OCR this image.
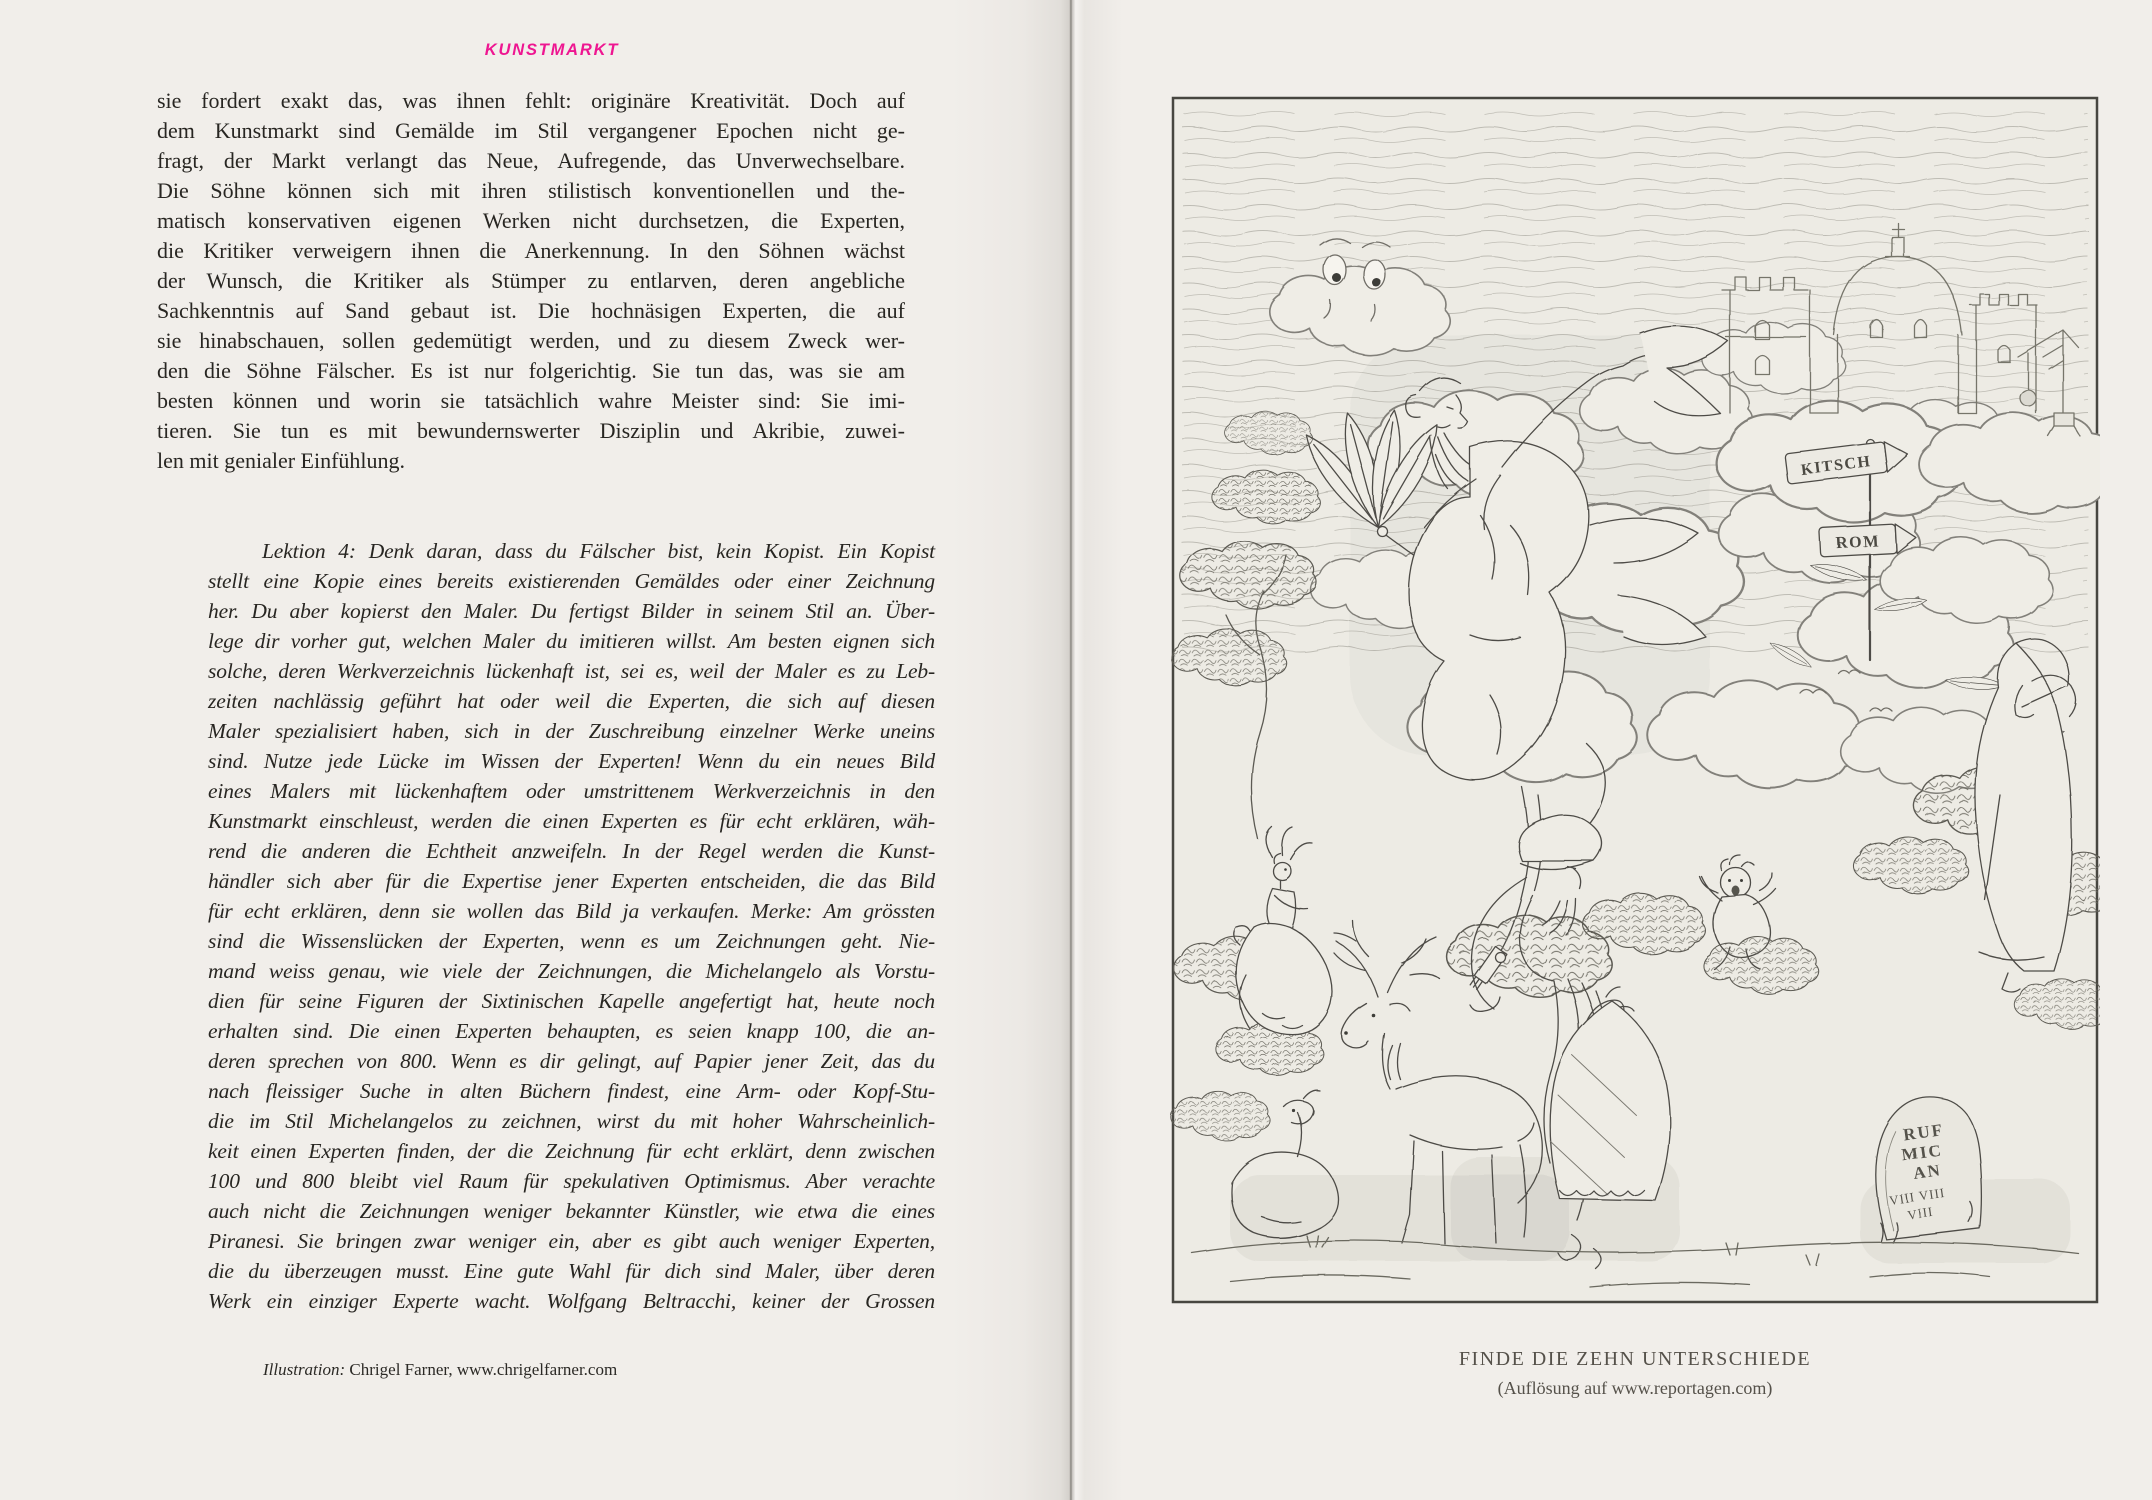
KUNSTMARKT
sie fordert exakt das, was ihnen fehlt: originäre Kreativität. Doch auf
dem Kunstmarkt sind Gemälde im Stil vergangener Epochen nicht ge-
fragt, der Markt verlangt das Neue, Aufregende, das Unverwechselbare.
Die Söhne können sich mit ihren stilistisch konventionellen und the-
matisch konservativen eigenen Werken nicht durchsetzen, die Experten,
die Kritiker verweigern ihnen die Anerkennung. In den Söhnen wächst
der Wunsch, die Kritiker als Stümper zu entlarven, deren angebliche
Sachkenntnis auf Sand gebaut ist. Die hochnäsigen Experten, die auf
sie hinabschauen, sollen gedemütigt werden, und zu diesem Zweck wer-
den die Söhne Fälscher. Es ist nur folgerichtig. Sie tun das, was sie am
besten können und worin sie tatsächlich wahre Meister sind: Sie imi-
tieren. Sie tun es mit bewundernswerter Disziplin und Akribie, zuwei-
len mit genialer Einfühlung.
Lektion 4: Denk daran, dass du Fälscher bist, kein Kopist. Ein Kopist
stellt eine Kopie eines bereits existierenden Gemäldes oder einer Zeichnung
her. Du aber kopierst den Maler. Du fertigst Bilder in seinem Stil an. Über-
lege dir vorher gut, welchen Maler du imitieren willst. Am besten eignen sich
solche, deren Werkverzeichnis lückenhaft ist, sei es, weil der Maler es zu Leb-
zeiten nachlässig geführt hat oder weil die Experten, die sich auf diesen
Maler spezialisiert haben, sich in der Zuschreibung einzelner Werke uneins
sind. Nutze jede Lücke im Wissen der Experten! Wenn du ein neues Bild
eines Malers mit lückenhaftem oder umstrittenem Werkverzeichnis in den
Kunstmarkt einschleust, werden die einen Experten es für echt erklären, wäh-
rend die anderen die Echtheit anzweifeln. In der Regel werden die Kunst-
händler sich aber für die Expertise jener Experten entscheiden, die das Bild
für echt erklären, denn sie wollen das Bild ja verkaufen. Merke: Am grössten
sind die Wissenslücken der Experten, wenn es um Zeichnungen geht. Nie-
mand weiss genau, wie viele der Zeichnungen, die Michelangelo als Vorstu-
dien für seine Figuren der Sixtinischen Kapelle angefertigt hat, heute noch
erhalten sind. Die einen Experten behaupten, es seien knapp 100, die an-
deren sprechen von 800. Wenn es dir gelingt, auf Papier jener Zeit, das du
nach fleissiger Suche in alten Büchern findest, eine Arm- oder Kopf-Stu-
die im Stil Michelangelos zu zeichnen, wirst du mit hoher Wahrscheinlich-
keit einen Experten finden, der die Zeichnung für echt erklärt, denn zwischen
100 und 800 bleibt viel Raum für spekulativen Optimismus. Aber verachte
auch nicht die Zeichnungen weniger bekannter Künstler, wie etwa die eines
Piranesi. Sie bringen zwar weniger ein, aber es gibt auch weniger Experten,
die du überzeugen musst. Eine gute Wahl für dich sind Maler, über deren
Werk ein einziger Experte wacht. Wolfgang Beltracchi, keiner der Grossen
Illustration: Chrigel Farner, www.chrigelfarner.com
KITSCH
ROM
RUF
MIC
AN
VIII VIII
VIII
FINDE DIE ZEHN UNTERSCHIEDE
(Auflösung auf www.reportagen.com)
